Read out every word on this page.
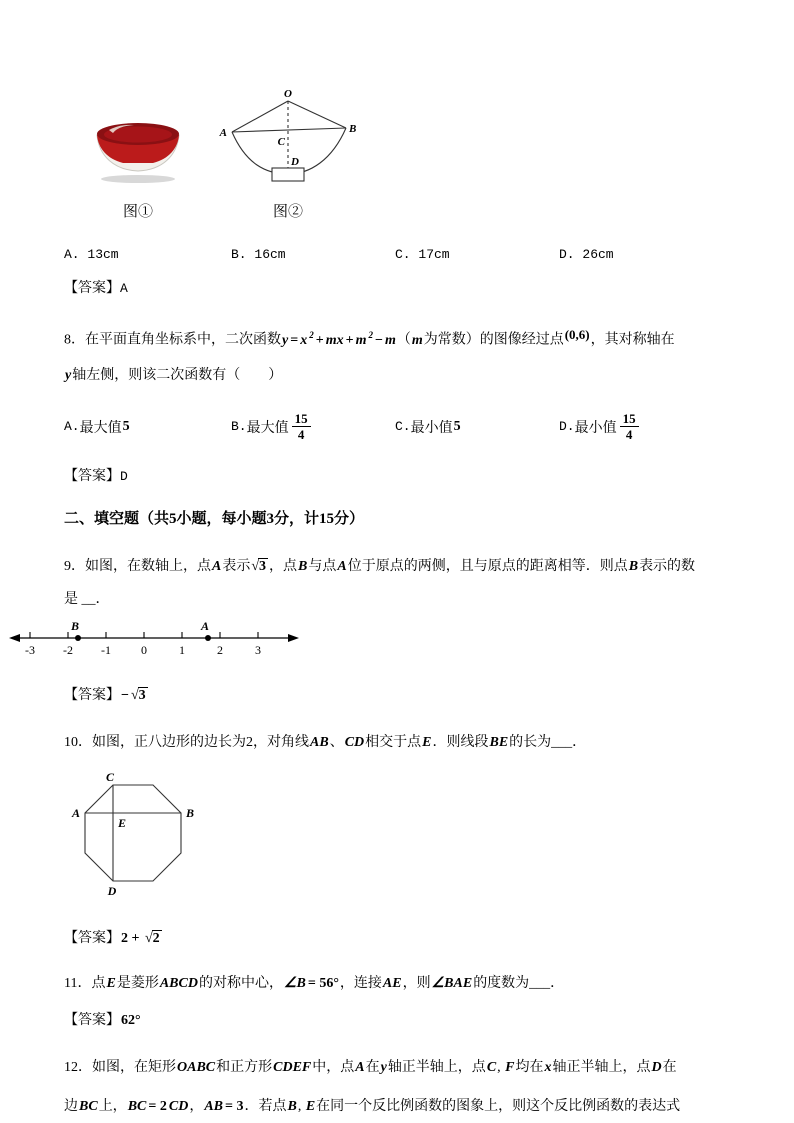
图①
O
A	B
C
D
图②
A. 13cm	B. 16cm	C. 17cm	D. 26cm
【答案】A
8．在平面直角坐标系中，二次函数y = x $^2$ + mx + m $^2$ − m（m为常数）的图像经过点(0,6)，其对称轴在
y轴左侧，则该二次函数有（　　）
A. 最大值 5	B. 最大值 $\frac{15}{4}$	C. 最小值 5	D. 最小值 $\frac{15}{4}$
【答案】D
二、填空题（共5小题，每小题3分，计15分）
9．如图，在数轴上，点A表示√3 ，点B与点A位于原点的两侧，且与原点的距离相等．则点B表示的数
是 __．
-3 -2 -1	0	1	2	3
B	A
【答案】− √3
10．如图，正八边形的边长为2，对角线AB、CD相交于点E．则线段BE的长为___．
C
A
E
B
D
【答案】2 + √2
11．点E是菱形ABCD的对称中心，∠B = 56°，连接AE，则∠BAE的度数为___．
【答案】62°
12．如图，在矩形OABC和正方形CDEF中，点A在y轴正半轴上，点C, F均在x轴正半轴上，点D在
边BC上，BC = 2 CD，AB = 3．若点B, E在同一个反比例函数的图象上，则这个反比例函数的表达式
